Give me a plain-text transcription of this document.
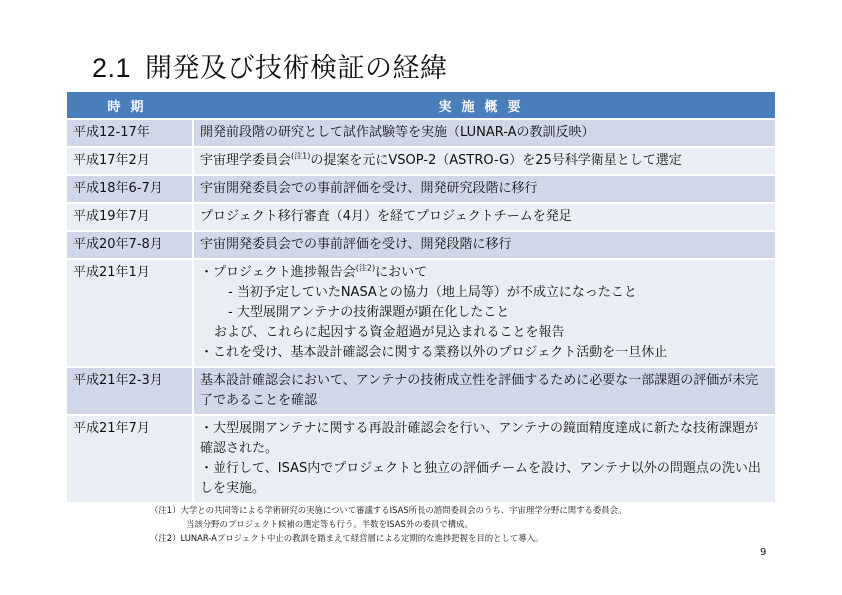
2.1 開発及び技術検証の経緯
時期	実施概要
平成12-17年	開発前段階の研究として試作試験等を実施（LUNAR-Aの教訓反映）

平成17年2月	宇宙理学委員会$^{(注1)}$の提案を元にVSOP-2（ASTRO-G）を25号科学衛星として選定

平成18年6-7月	宇宙開発委員会での事前評価を受け、開発研究段階に移行

平成19年7月	プロジェクト移行審査（4月）を経てプロジェクトチームを発足

平成20年7-8月	宇宙開発委員会での事前評価を受け、開発段階に移行

平成21年1月	・プロジェクト進捗報告会$^{(注2)}$において
- 当初予定していたNASAとの協力（地上局等）が不成立になったこと
- 大型展開アンテナの技術課題が顕在化したこと
および、これらに起因する資金超過が見込まれることを報告
・これを受け、基本設計確認会に関する業務以外のプロジェクト活動を一旦休止

平成21年2-3月	基本設計確認会において、アンテナの技術成立性を評価するために必要な一部課題の評価が未完了であることを確認

平成21年7月	・大型展開アンテナに関する再設計確認会を行い、アンテナの鏡面精度達成に新たな技術課題が確認された。
・並行して、ISAS内でプロジェクトと独立の評価チームを設け、アンテナ以外の問題点の洗い出しを実施。
（注1）大学との共同等による学術研究の実施について審議するISAS所長の諮問委員会のうち、宇宙理学分野に関する委員会。
当該分野のプロジェクト候補の選定等も行う。半数をISAS外の委員で構成。
（注2）LUNAR-Aプロジェクト中止の教訓を踏まえて経営層による定期的な進捗把握を目的として導入。
9
